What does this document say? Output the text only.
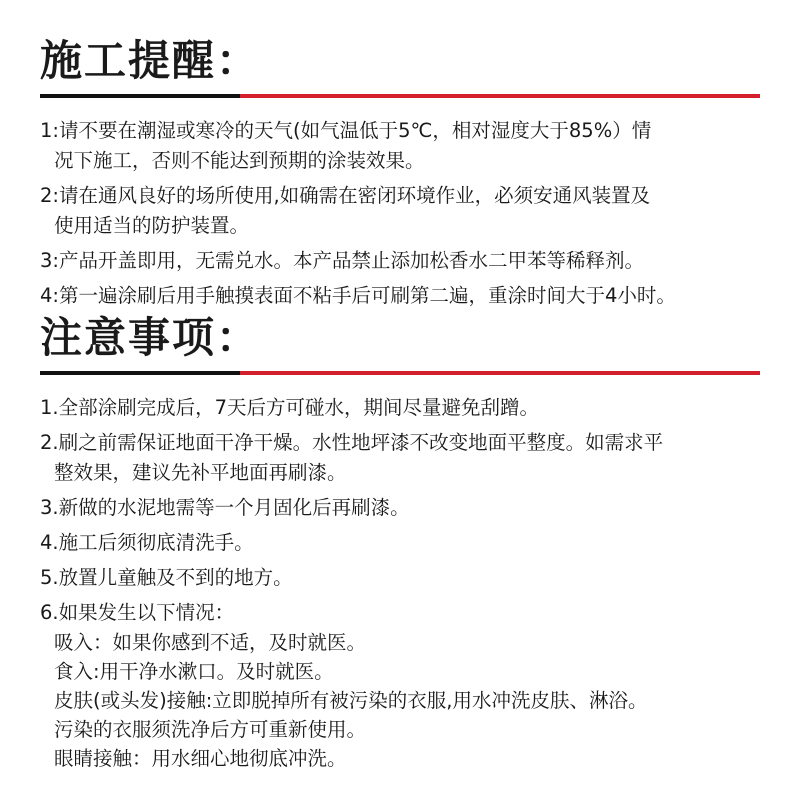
施工提醒：
1:请不要在潮湿或寒冷的天气(如气温低于5℃，相对湿度大于85%）情
况下施工，否则不能达到预期的涂装效果。
2:请在通风良好的场所使用,如确需在密闭环境作业，必须安通风装置及
使用适当的防护装置。
3:产品开盖即用，无需兑水。本产品禁止添加松香水二甲苯等稀释剂。
4:第一遍涂刷后用手触摸表面不粘手后可刷第二遍，重涂时间大于4小时。
注意事项：
1.全部涂刷完成后，7天后方可碰水，期间尽量避免刮蹭。
2.刷之前需保证地面干净干燥。水性地坪漆不改变地面平整度。如需求平
整效果，建议先补平地面再刷漆。
3.新做的水泥地需等一个月固化后再刷漆。
4.施工后须彻底清洗手。
5.放置儿童触及不到的地方。
6.如果发生以下情况：
吸入：如果你感到不适，及时就医。
食入:用干净水漱口。及时就医。
皮肤(或头发)接触:立即脱掉所有被污染的衣服,用水冲洗皮肤、淋浴。
污染的衣服须洗净后方可重新使用。
眼睛接触：用水细心地彻底冲洗。
